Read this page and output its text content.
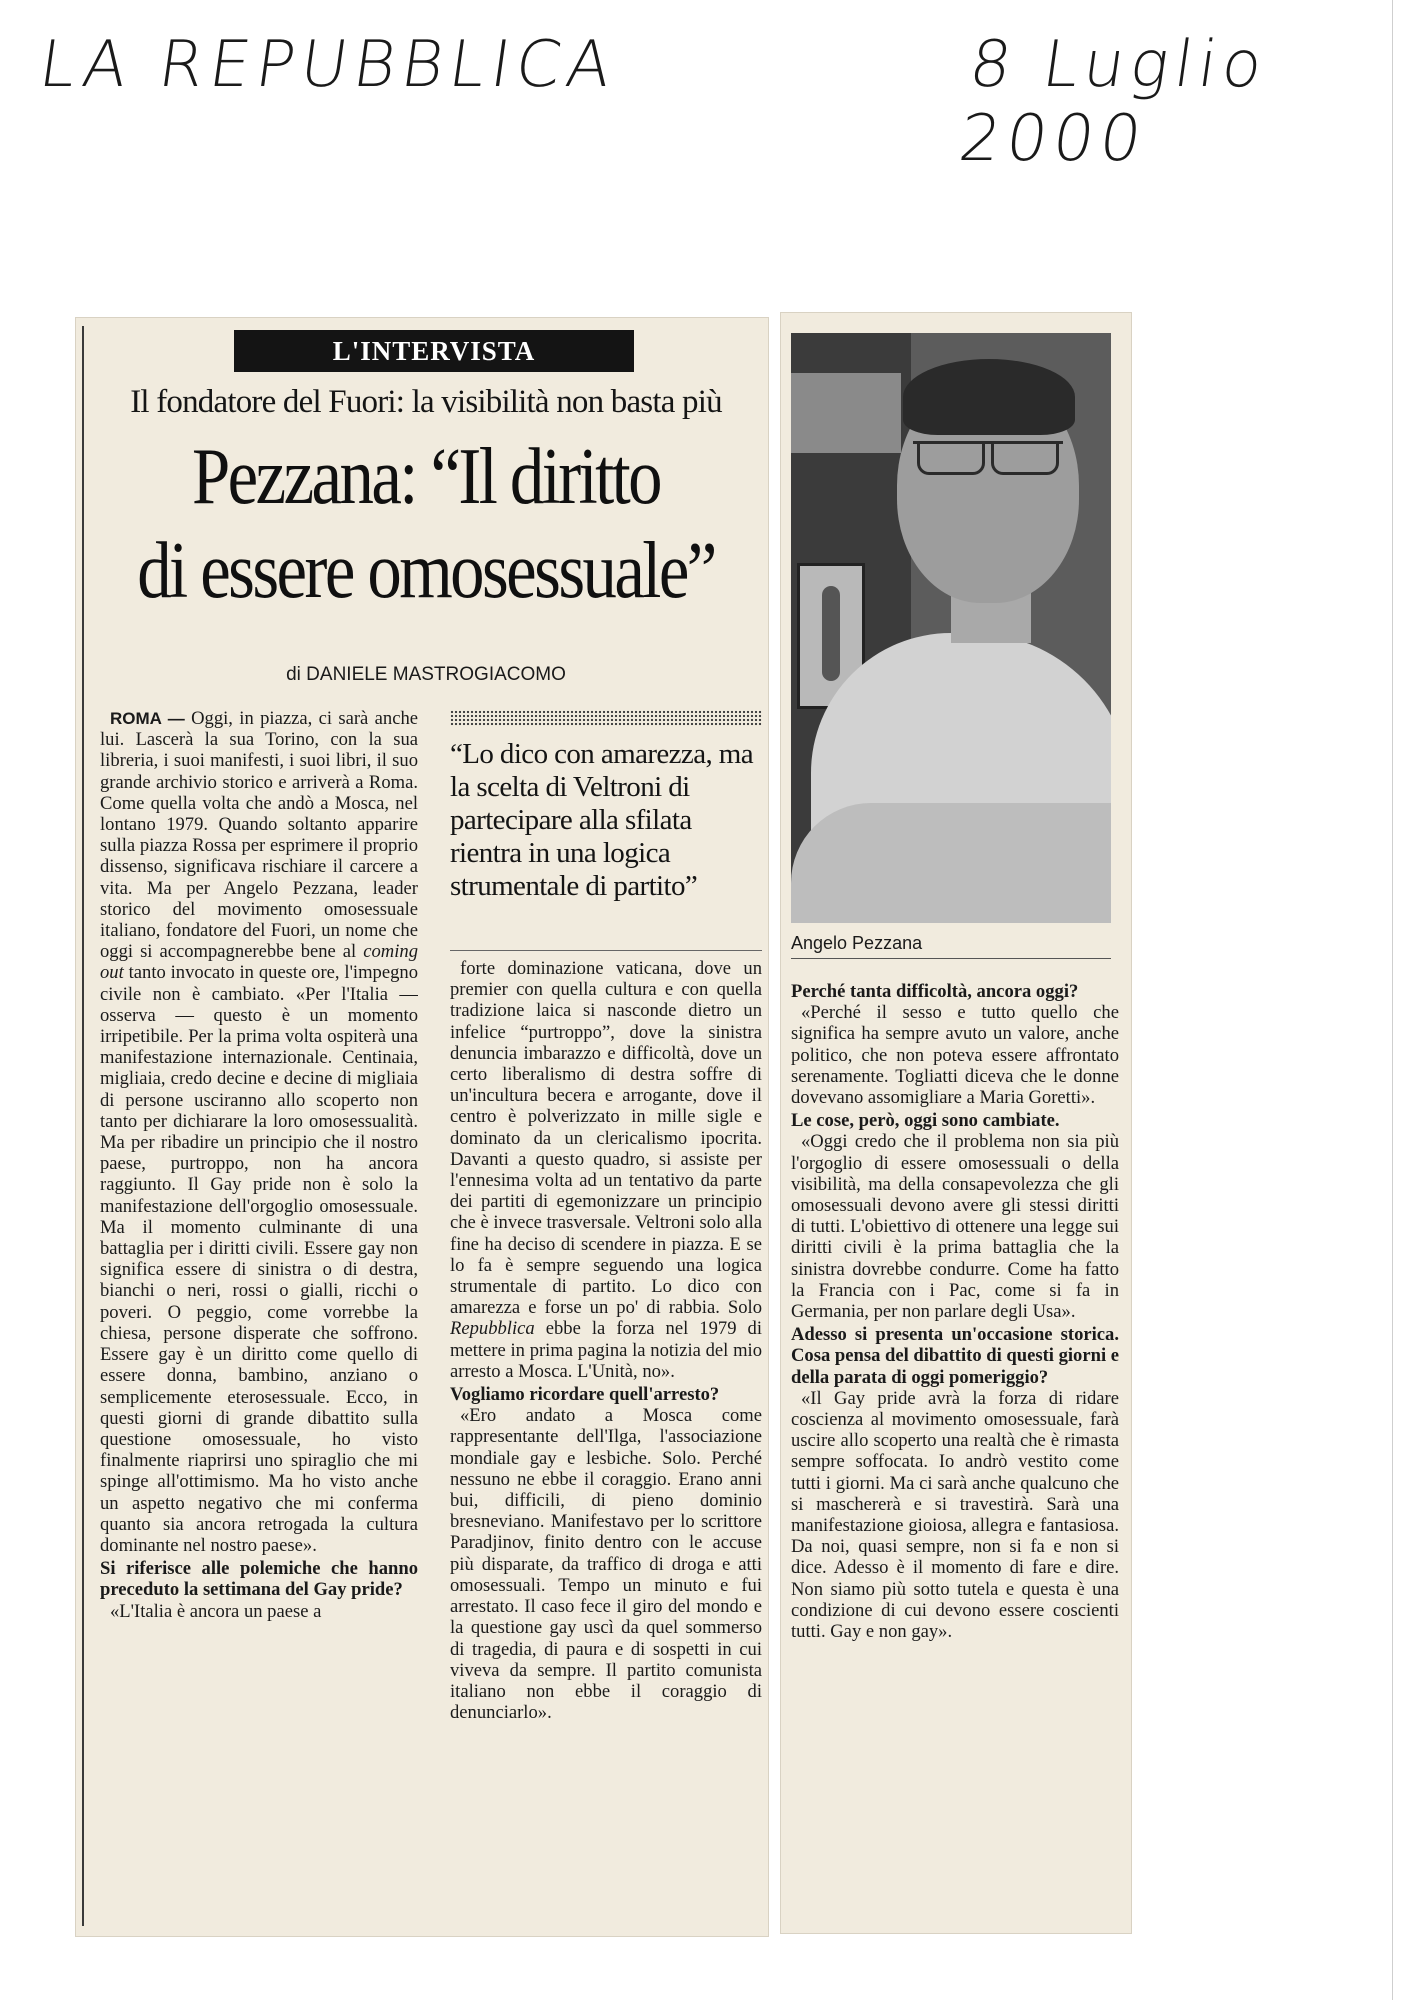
LA REPUBBLICA	8 Luglio 2000
L'INTERVISTA
Il fondatore del Fuori: la visibilità non basta più
Pezzana: “Il diritto
di essere omosessuale”
di DANIELE MASTROGIACOMO

ROMA — Oggi, in piazza, ci sarà anche lui. Lascerà la sua Torino, con la sua libreria, i suoi manifesti, i suoi libri, il suo grande archivio storico e arriverà a Roma. Come quella volta che andò a Mosca, nel lontano 1979. Quando soltanto apparire sulla piazza Rossa per esprimere il proprio dissenso, significava rischiare il carcere a vita. Ma per Angelo Pezzana, leader storico del movimento omosessuale italiano, fondatore del Fuori, un nome che oggi si accompagnerebbe bene al coming out tanto invocato in queste ore, l'impegno civile non è cambiato. «Per l'Italia — osserva — questo è un momento irripetibile. Per la prima volta ospiterà una manifestazione internazionale. Centinaia, migliaia, credo decine e decine di migliaia di persone usciranno allo scoperto non tanto per dichiarare la loro omosessualità. Ma per ribadire un principio che il nostro paese, purtroppo, non ha ancora raggiunto. Il Gay pride non è solo la manifestazione dell'orgoglio omosessuale. Ma il momento culminante di una battaglia per i diritti civili. Essere gay non significa essere di sinistra o di destra, bianchi o neri, rossi o gialli, ricchi o poveri. O peggio, come vorrebbe la chiesa, persone disperate che soffrono. Essere gay è un diritto come quello di essere donna, bambino, anziano o semplicemente eterosessuale. Ecco, in questi giorni di grande dibattito sulla questione omosessuale, ho visto finalmente riaprirsi uno spiraglio che mi spinge all'ottimismo. Ma ho visto anche un aspetto negativo che mi conferma quanto sia ancora retrogada la cultura dominante nel nostro paese».

Si riferisce alle polemiche che hanno preceduto la settimana del Gay pride?

«L'Italia è ancora un paese a

“Lo dico con amarezza, ma la scelta di Veltroni di partecipare alla sfilata rientra in una logica strumentale di partito”

forte dominazione vaticana, dove un premier con quella cultura e con quella tradizione laica si nasconde dietro un infelice “purtroppo”, dove la sinistra denuncia imbarazzo e difficoltà, dove un certo liberalismo di destra soffre di un'incultura becera e arrogante, dove il centro è polverizzato in mille sigle e dominato da un clericalismo ipocrita. Davanti a questo quadro, si assiste per l'ennesima volta ad un tentativo da parte dei partiti di egemonizzare un principio che è invece trasversale. Veltroni solo alla fine ha deciso di scendere in piazza. E se lo fa è sempre seguendo una logica strumentale di partito. Lo dico con amarezza e forse un po' di rabbia. Solo Repubblica ebbe la forza nel 1979 di mettere in prima pagina la notizia del mio arresto a Mosca. L'Unità, no».

Vogliamo ricordare quell'arresto?

«Ero andato a Mosca come rappresentante dell'Ilga, l'associazione mondiale gay e lesbiche. Solo. Perché nessuno ne ebbe il coraggio. Erano anni bui, difficili, di pieno dominio bresneviano. Manifestavo per lo scrittore Paradjinov, finito dentro con le accuse più disparate, da traffico di droga e atti omosessuali. Tempo un minuto e fui arrestato. Il caso fece il giro del mondo e la questione gay uscì da quel sommerso di tragedia, di paura e di sospetti in cui viveva da sempre. Il partito comunista italiano non ebbe il coraggio di denunciarlo».

Angelo Pezzana

Perché tanta difficoltà, ancora oggi?

«Perché il sesso e tutto quello che significa ha sempre avuto un valore, anche politico, che non poteva essere affrontato serenamente. Togliatti diceva che le donne dovevano assomigliare a Maria Goretti».

Le cose, però, oggi sono cambiate.

«Oggi credo che il problema non sia più l'orgoglio di essere omosessuali o della visibilità, ma della consapevolezza che gli omosessuali devono avere gli stessi diritti di tutti. L'obiettivo di ottenere una legge sui diritti civili è la prima battaglia che la sinistra dovrebbe condurre. Come ha fatto la Francia con i Pac, come si fa in Germania, per non parlare degli Usa».

Adesso si presenta un'occasione storica. Cosa pensa del dibattito di questi giorni e della parata di oggi pomeriggio?

«Il Gay pride avrà la forza di ridare coscienza al movimento omosessuale, farà uscire allo scoperto una realtà che è rimasta sempre soffocata. Io andrò vestito come tutti i giorni. Ma ci sarà anche qualcuno che si maschererà e si travestirà. Sarà una manifestazione gioiosa, allegra e fantasiosa. Da noi, quasi sempre, non si fa e non si dice. Adesso è il momento di fare e dire. Non siamo più sotto tutela e questa è una condizione di cui devono essere coscienti tutti. Gay e non gay».
